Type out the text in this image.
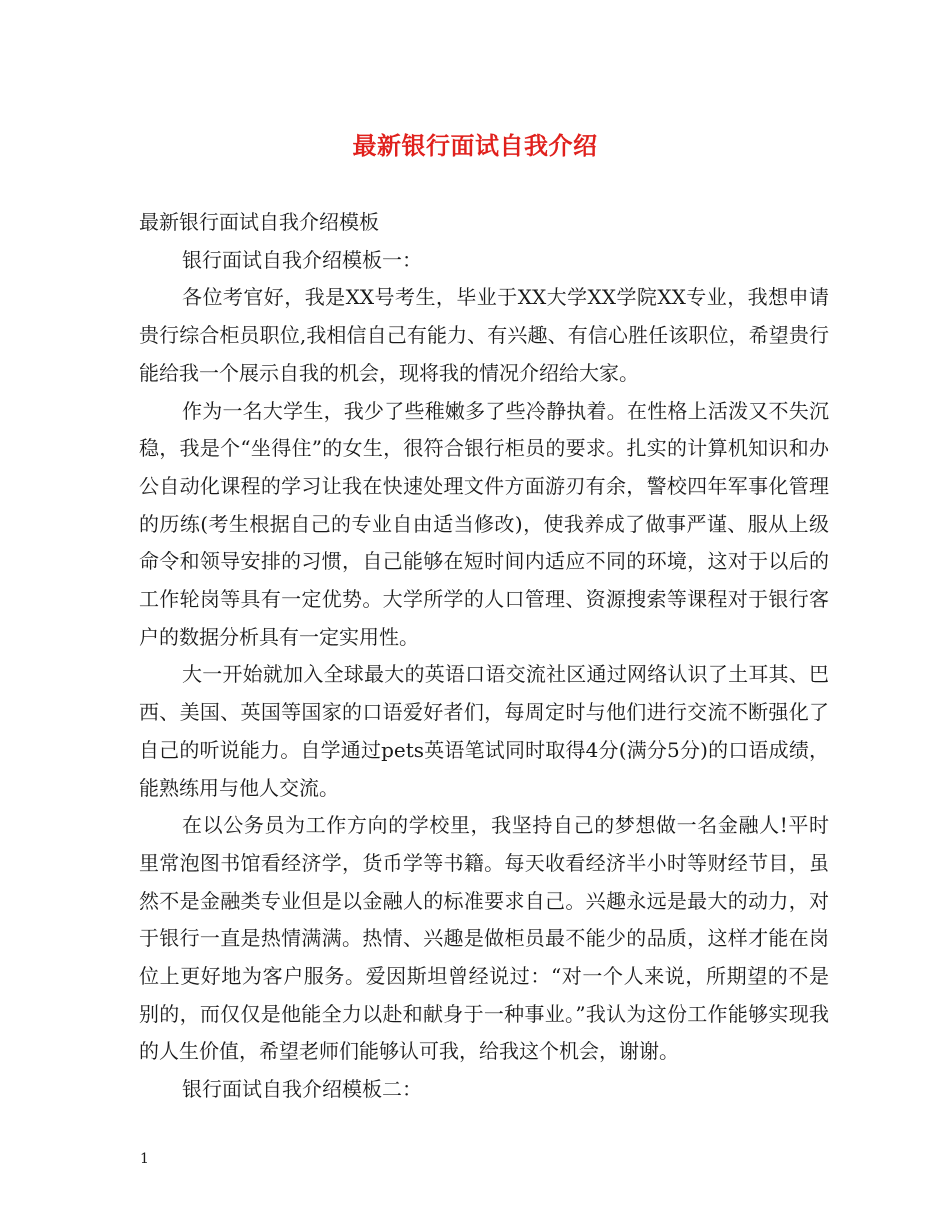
最新银行面试自我介绍

最新银行面试自我介绍模板

银行面试自我介绍模板一：

各位考官好，我是XX号考生，毕业于XX大学XX学院XX专业，我想申请贵行综合柜员职位,我相信自己有能力、有兴趣、有信心胜任该职位，希望贵行能给我一个展示自我的机会，现将我的情况介绍给大家。

作为一名大学生，我少了些稚嫩多了些冷静执着。在性格上活泼又不失沉稳，我是个“坐得住”的女生，很符合银行柜员的要求。扎实的计算机知识和办公自动化课程的学习让我在快速处理文件方面游刃有余，警校四年军事化管理的历练(考生根据自己的专业自由适当修改)，使我养成了做事严谨、服从上级命令和领导安排的习惯，自己能够在短时间内适应不同的环境，这对于以后的工作轮岗等具有一定优势。大学所学的人口管理、资源搜索等课程对于银行客户的数据分析具有一定实用性。

大一开始就加入全球最大的英语口语交流社区通过网络认识了土耳其、巴西、美国、英国等国家的口语爱好者们，每周定时与他们进行交流不断强化了自己的听说能力。自学通过pets英语笔试同时取得4分(满分5分)的口语成绩，能熟练用与他人交流。

在以公务员为工作方向的学校里，我坚持自己的梦想做一名金融人!平时里常泡图书馆看经济学，货币学等书籍。每天收看经济半小时等财经节目，虽然不是金融类专业但是以金融人的标准要求自己。兴趣永远是最大的动力，对于银行一直是热情满满。热情、兴趣是做柜员最不能少的品质，这样才能在岗位上更好地为客户服务。爱因斯坦曾经说过：“对一个人来说，所期望的不是别的，而仅仅是他能全力以赴和献身于一种事业。”我认为这份工作能够实现我的人生价值，希望老师们能够认可我，给我这个机会，谢谢。

银行面试自我介绍模板二：

1
